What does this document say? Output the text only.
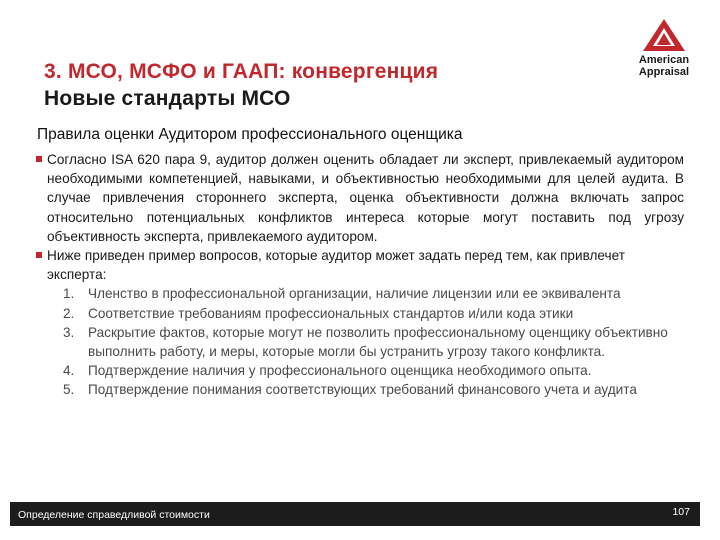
3. МСО, МСФО и ГААП: конвергенция
Новые стандарты МСО
American
Appraisal
Правила оценки Аудитором профессионального оценщика
Согласно ISA 620 пара 9, аудитор должен оценить обладает ли эксперт, привлекаемый аудитором необходимыми компетенцией, навыками, и объективностью необходимыми для целей аудита. В случае привлечения стороннего эксперта, оценка объективности должна включать запрос относительно потенциальных конфликтов интереса которые могут поставить под угрозу объективность эксперта, привлекаемого аудитором.
Ниже приведен пример вопросов, которые аудитор может задать перед тем, как привлечет эксперта:
1. Членство в профессиональной организации, наличие лицензии или ее эквивалента
2. Соответствие требованиям профессиональных стандартов и/или кода этики
3. Раскрытие фактов, которые могут не позволить профессиональному оценщику объективно выполнить работу, и меры, которые могли бы устранить угрозу такого конфликта.
4. Подтверждение наличия у профессионального оценщика необходимого опыта.
5. Подтверждение понимания соответствующих требований финансового учета и аудита
Определение справедливой стоимости	107
